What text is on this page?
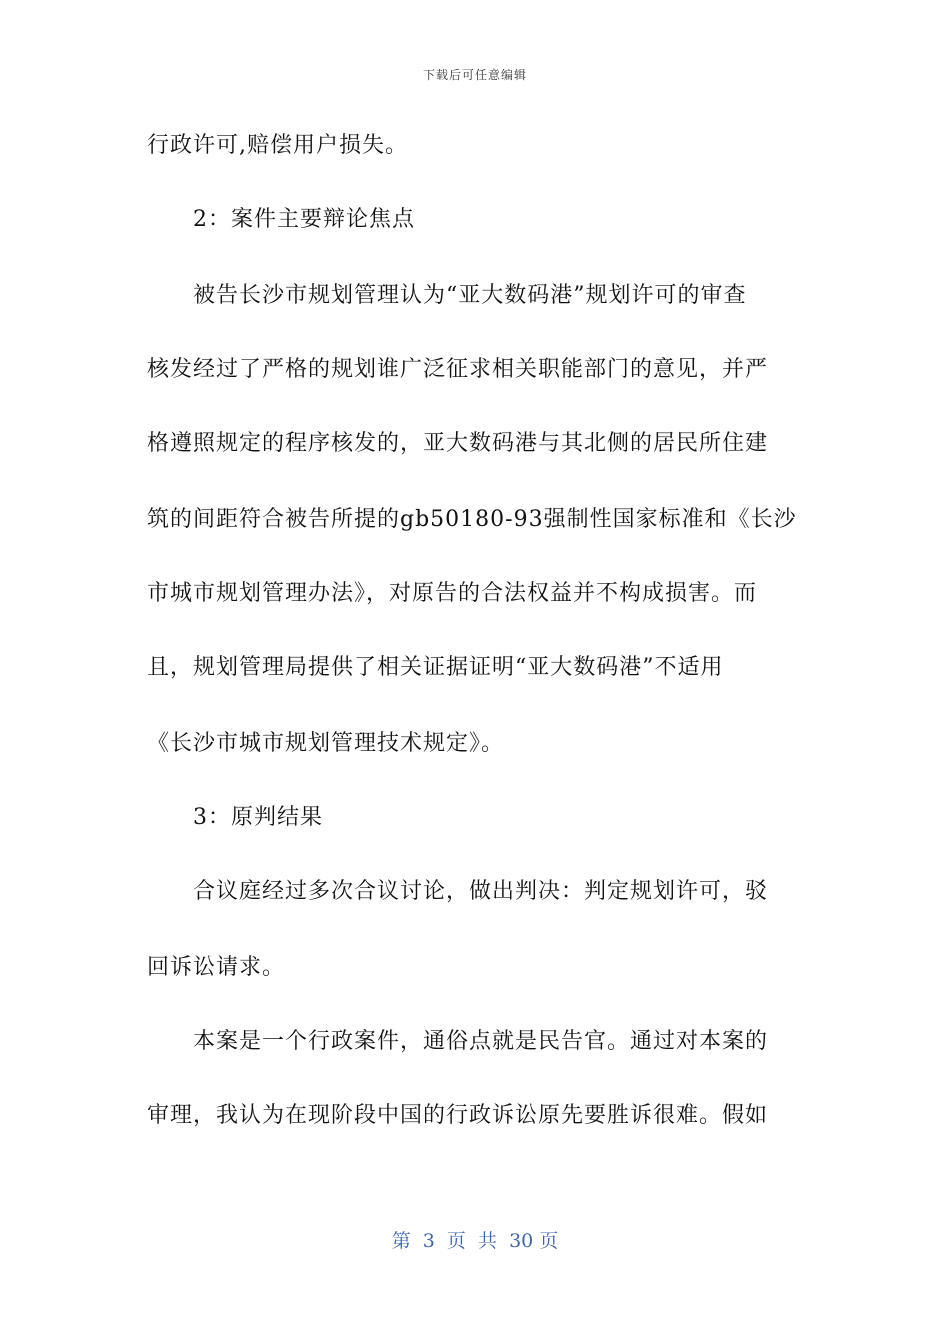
下载后可任意编辑
行政许可,赔偿用户损失。
2：案件主要辩论焦点
被告长沙市规划管理认为“亚大数码港”规划许可的审查
核发经过了严格的规划谁广泛征求相关职能部门的意见，并严
格遵照规定的程序核发的，亚大数码港与其北侧的居民所住建
筑的间距符合被告所提的gb50180-93强制性国家标准和《长沙
市城市规划管理办法》，对原告的合法权益并不构成损害。而
且，规划管理局提供了相关证据证明“亚大数码港”不适用
《长沙市城市规划管理技术规定》。
3：原判结果
合议庭经过多次合议讨论，做出判决：判定规划许可，驳
回诉讼请求。
本案是一个行政案件，通俗点就是民告官。通过对本案的
审理，我认为在现阶段中国的行政诉讼原先要胜诉很难。假如
第  3  页  共  30 页
